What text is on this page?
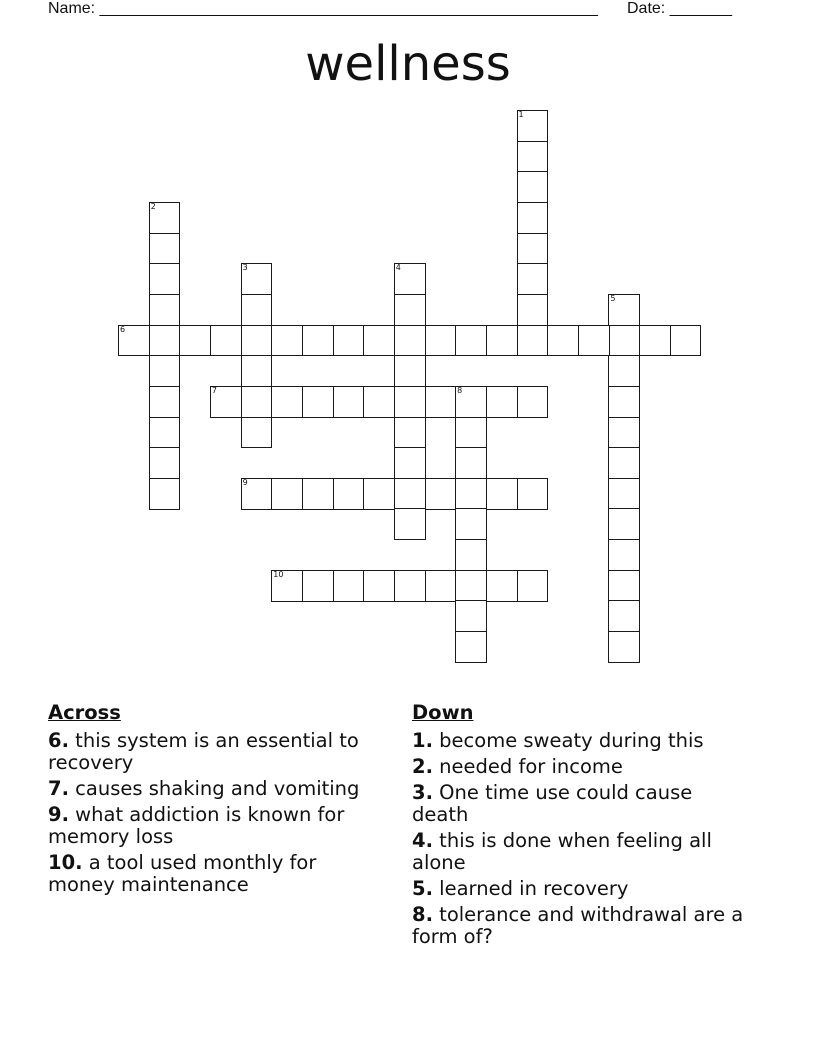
Name: ________________________________________________________ Date: _______
wellness
1
2
3	4
5
6
7	8
9
10
Across
6. this system is an essential to recovery
7. causes shaking and vomiting
9. what addiction is known for memory loss
10. a tool used monthly for money maintenance
Down
1. become sweaty during this
2. needed for income
3. One time use could cause death
4. this is done when feeling all alone
5. learned in recovery
8. tolerance and withdrawal are a form of?
